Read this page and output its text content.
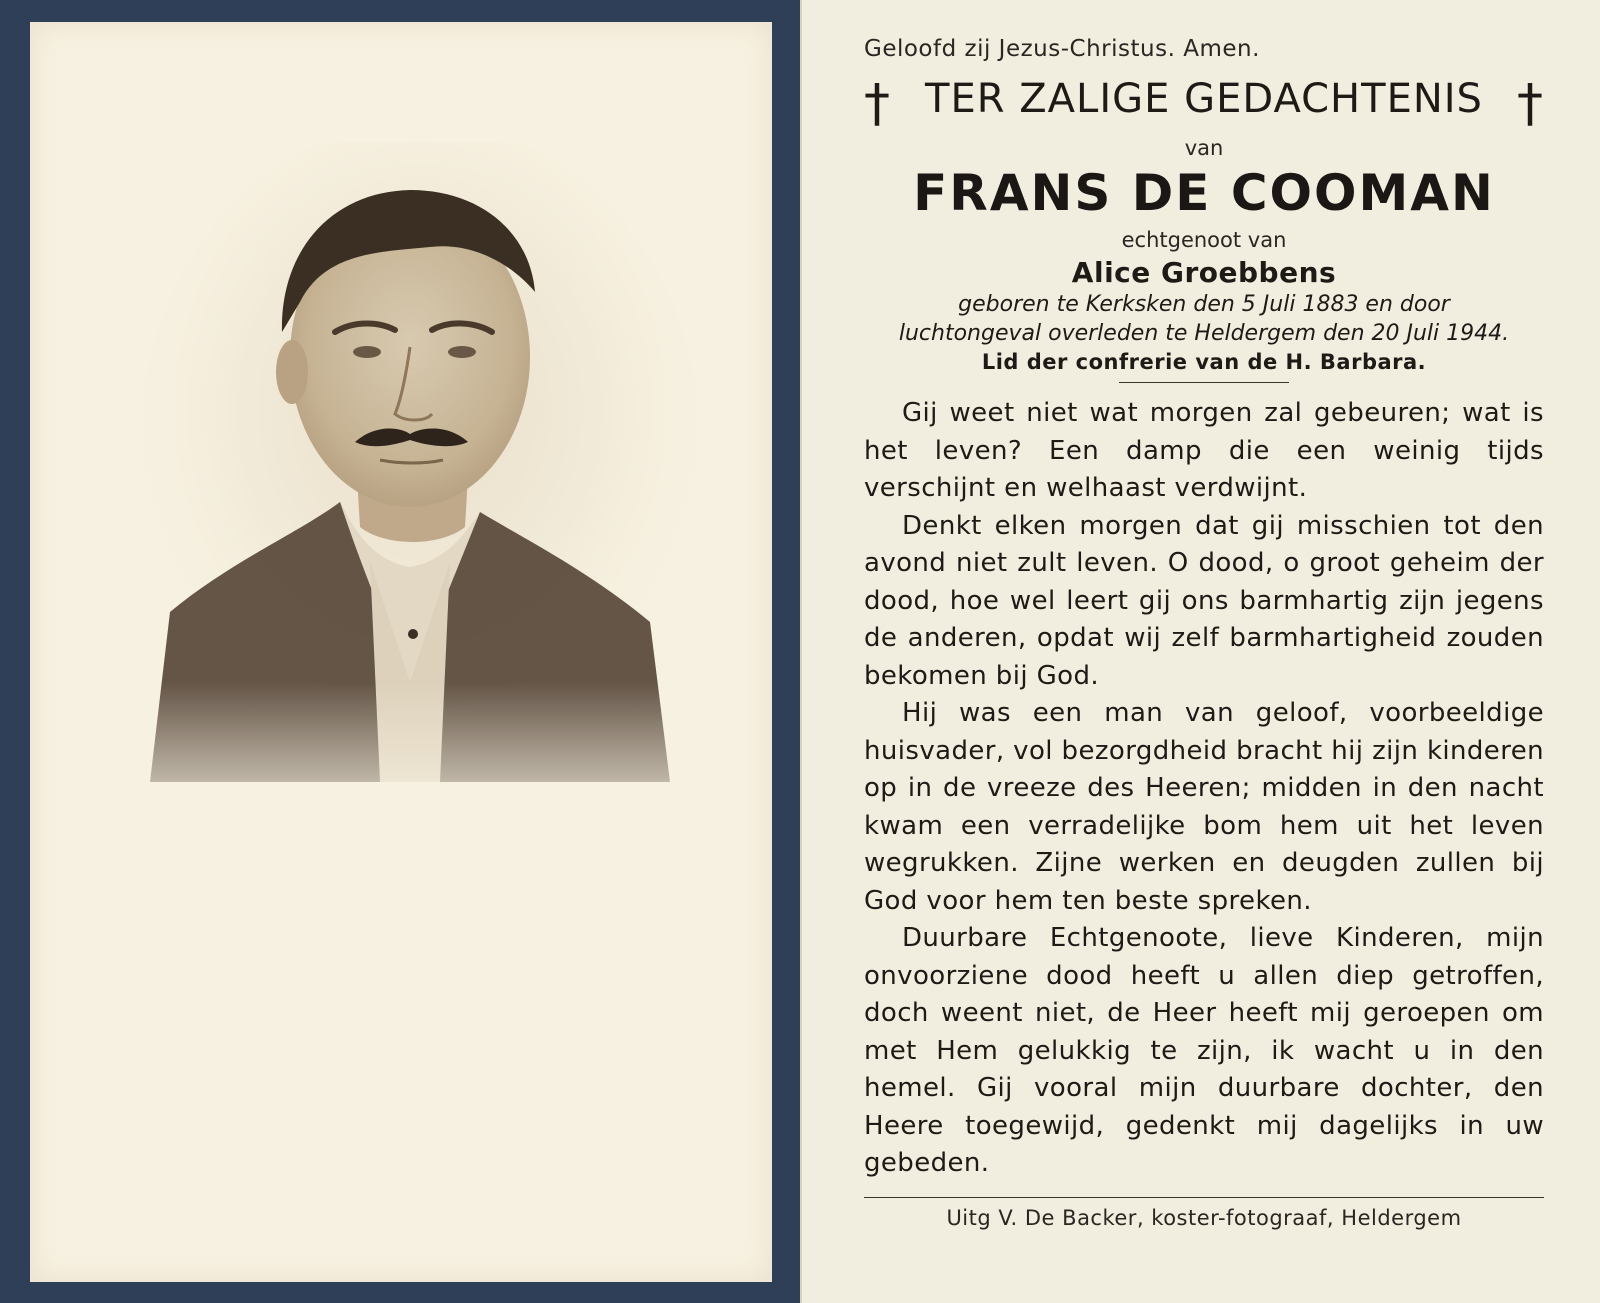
Geloofd zij Jezus-Christus. Amen.

† TER ZALIGE GEDACHTENIS †

van

FRANS DE COOMAN

echtgenoot van

Alice Groebbens

geboren te Kerksken den 5 Juli 1883 en door

luchtongeval overleden te Heldergem den 20 Juli 1944.

Lid der confrerie van de H. Barbara.

Gij weet niet wat morgen zal gebeuren; wat is het leven? Een damp die een weinig tijds verschijnt en welhaast verdwijnt.

Denkt elken morgen dat gij misschien tot den avond niet zult leven. O dood, o groot geheim der dood, hoe wel leert gij ons barmhartig zijn jegens de anderen, opdat wij zelf barmhartigheid zouden bekomen bij God.

Hij was een man van geloof, voorbeeldige huisvader, vol bezorgdheid bracht hij zijn kinderen op in de vreeze des Heeren; midden in den nacht kwam een verradelijke bom hem uit het leven wegrukken. Zijne werken en deugden zullen bij God voor hem ten beste spreken.

Duurbare Echtgenoote, lieve Kinderen, mijn onvoorziene dood heeft u allen diep getroffen, doch weent niet, de Heer heeft mij geroepen om met Hem gelukkig te zijn, ik wacht u in den hemel. Gij vooral mijn duurbare dochter, den Heere toegewijd, gedenkt mij dagelijks in uw gebeden.

Uitg V. De Backer, koster-fotograaf, Heldergem
